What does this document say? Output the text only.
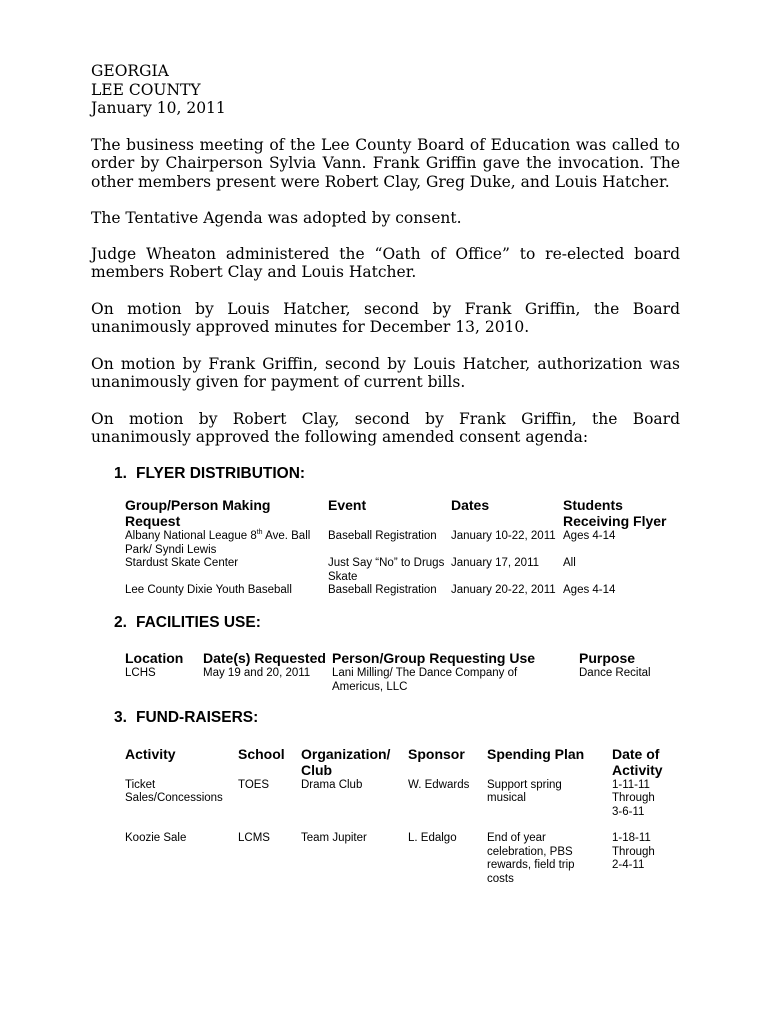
GEORGIA
LEE COUNTY
January 10, 2011

The business meeting of the Lee County Board of Education was called to order by Chairperson Sylvia Vann. Frank Griffin gave the invocation. The other members present were Robert Clay, Greg Duke, and Louis Hatcher.

The Tentative Agenda was adopted by consent.

Judge Wheaton administered the “Oath of Office” to re-elected board members Robert Clay and Louis Hatcher.

On motion by Louis Hatcher, second by Frank Griffin, the Board unanimously approved minutes for December 13, 2010.

On motion by Frank Griffin, second by Louis Hatcher, authorization was unanimously given for payment of current bills.

On motion by Robert Clay, second by Frank Griffin, the Board unanimously approved the following amended consent agenda:

1. FLYER DISTRIBUTION:
Group/Person Making Request	Event	Dates	Students Receiving Flyer
Albany National League 8th Ave. Ball Park/ Syndi Lewis	Baseball Registration	January 10-22, 2011	Ages 4-14
Stardust Skate Center	Just Say “No” to Drugs Skate	January 17, 2011	All
Lee County Dixie Youth Baseball	Baseball Registration	January 20-22, 2011	Ages 4-14
2. FACILITIES USE:
Location	Date(s) Requested	Person/Group Requesting Use	Purpose
LCHS	May 19 and 20, 2011	Lani Milling/ The Dance Company of Americus, LLC	Dance Recital
3. FUND-RAISERS:
Activity	School	Organization/ Club	Sponsor	Spending Plan	Date of Activity
Ticket Sales/Concessions	TOES	Drama Club	W. Edwards	Support spring musical	1-11-11 Through 3-6-11
Koozie Sale	LCMS	Team Jupiter	L. Edalgo	End of year celebration, PBS rewards, field trip costs	1-18-11 Through 2-4-11
